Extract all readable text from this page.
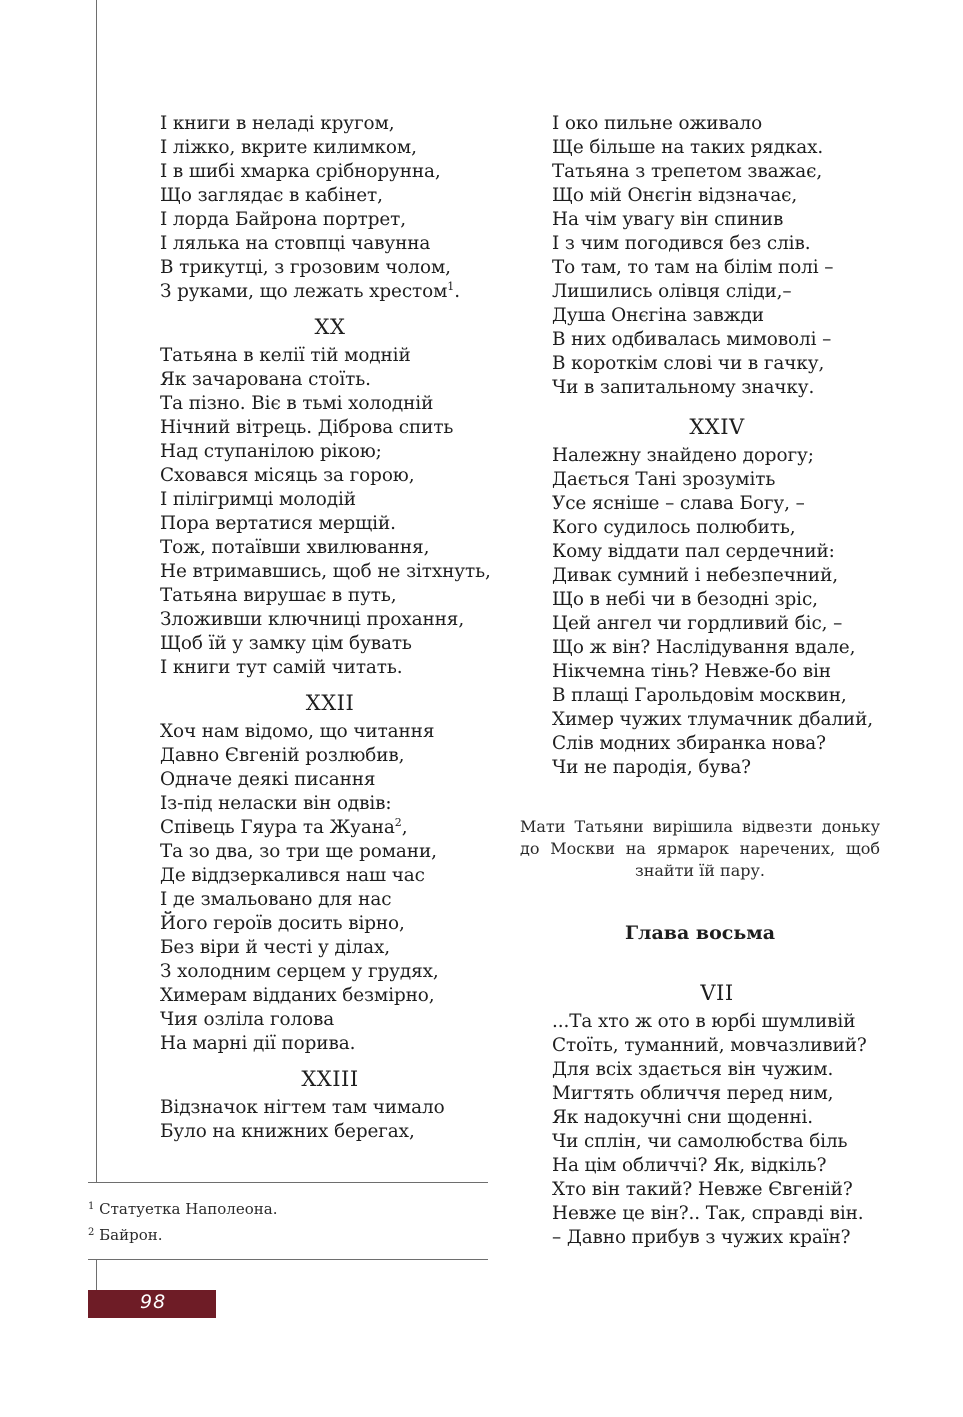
І книги в неладі кругом,
І ліжко, вкрите килимком,
І в шибі хмарка срібнорунна,
Що заглядає в кабінет,
І лорда Байрона портрет,
І лялька на стовпці чавунна
В трикутці, з грозовим чолом,
З руками, що лежать хрестом$^1$.
XX
Татьяна в келії тій модній
Як зачарована стоїть.
Та пізно. Віє в тьмі холодній
Нічний вітрець. Діброва спить
Над ступанілою рікою;
Сховався місяць за горою,
І пілігримці молодій
Пора вертатися мерщій.
Тож, потаївши хвилювання,
Не втримавшись, щоб не зітхнуть,
Татьяна вирушає в путь,
Зложивши ключниці прохання,
Щоб їй у замку цім бувать
І книги тут самій читать.
XXII
Хоч нам відомо, що читання
Давно Євгеній розлюбив,
Одначе деякі писання
Із-під неласки він одвів:
Співець Гяура та Жуана$^2$,
Та зо два, зо три ще романи,
Де віддзеркалився наш час
І де змальовано для нас
Його героїв досить вірно,
Без віри й честі у ділах,
З холодним серцем у грудях,
Химерам відданих безмірно,
Чия озліла голова
На марні дії порива.
XXIII
Відзначок нігтем там чимало
Було на книжних берегах,
І око пильне оживало
Ще більше на таких рядках.
Татьяна з трепетом зважає,
Що мій Онєгін відзначає,
На чім увагу він спинив
І з чим погодився без слів.
То там, то там на білім полі –
Лишились олівця сліди,–
Душа Онєгіна завжди
В них одбивалась мимоволі –
В короткім слові чи в гачку,
Чи в запитальному значку.
XXIV
Належну знайдено дорогу;
Дається Тані зрозуміть
Усе ясніше – слава Богу, –
Кого судилось полюбить,
Кому віддати пал сердечний:
Дивак сумний і небезпечний,
Що в небі чи в безодні зріс,
Цей ангел чи гордливий біс, –
Що ж він? Наслідування вдале,
Нікчемна тінь? Невже-бо він
В плащі Гарольдовім москвин,
Химер чужих тлумачник дбалий,
Слів модних збиранка нова?
Чи не пародія, бува?
Мати Татьяни вирішила відвезти доньку до Москви на ярмарок наречених, щоб знайти їй пару.
Глава восьма
VII
...Та хто ж ото в юрбі шумливій
Стоїть, туманний, мовчазливий?
Для всіх здається він чужим.
Мигтять обличчя перед ним,
Як надокучні сни щоденні.
Чи сплін, чи самолюбства біль
На цім обличчі? Як, відкіль?
Хто він такий? Невже Євгеній?
Невже це він?.. Так, справді він.
– Давно прибув з чужих країн?
$^1$ Статуетка Наполеона.
$^2$ Байрон.
98
